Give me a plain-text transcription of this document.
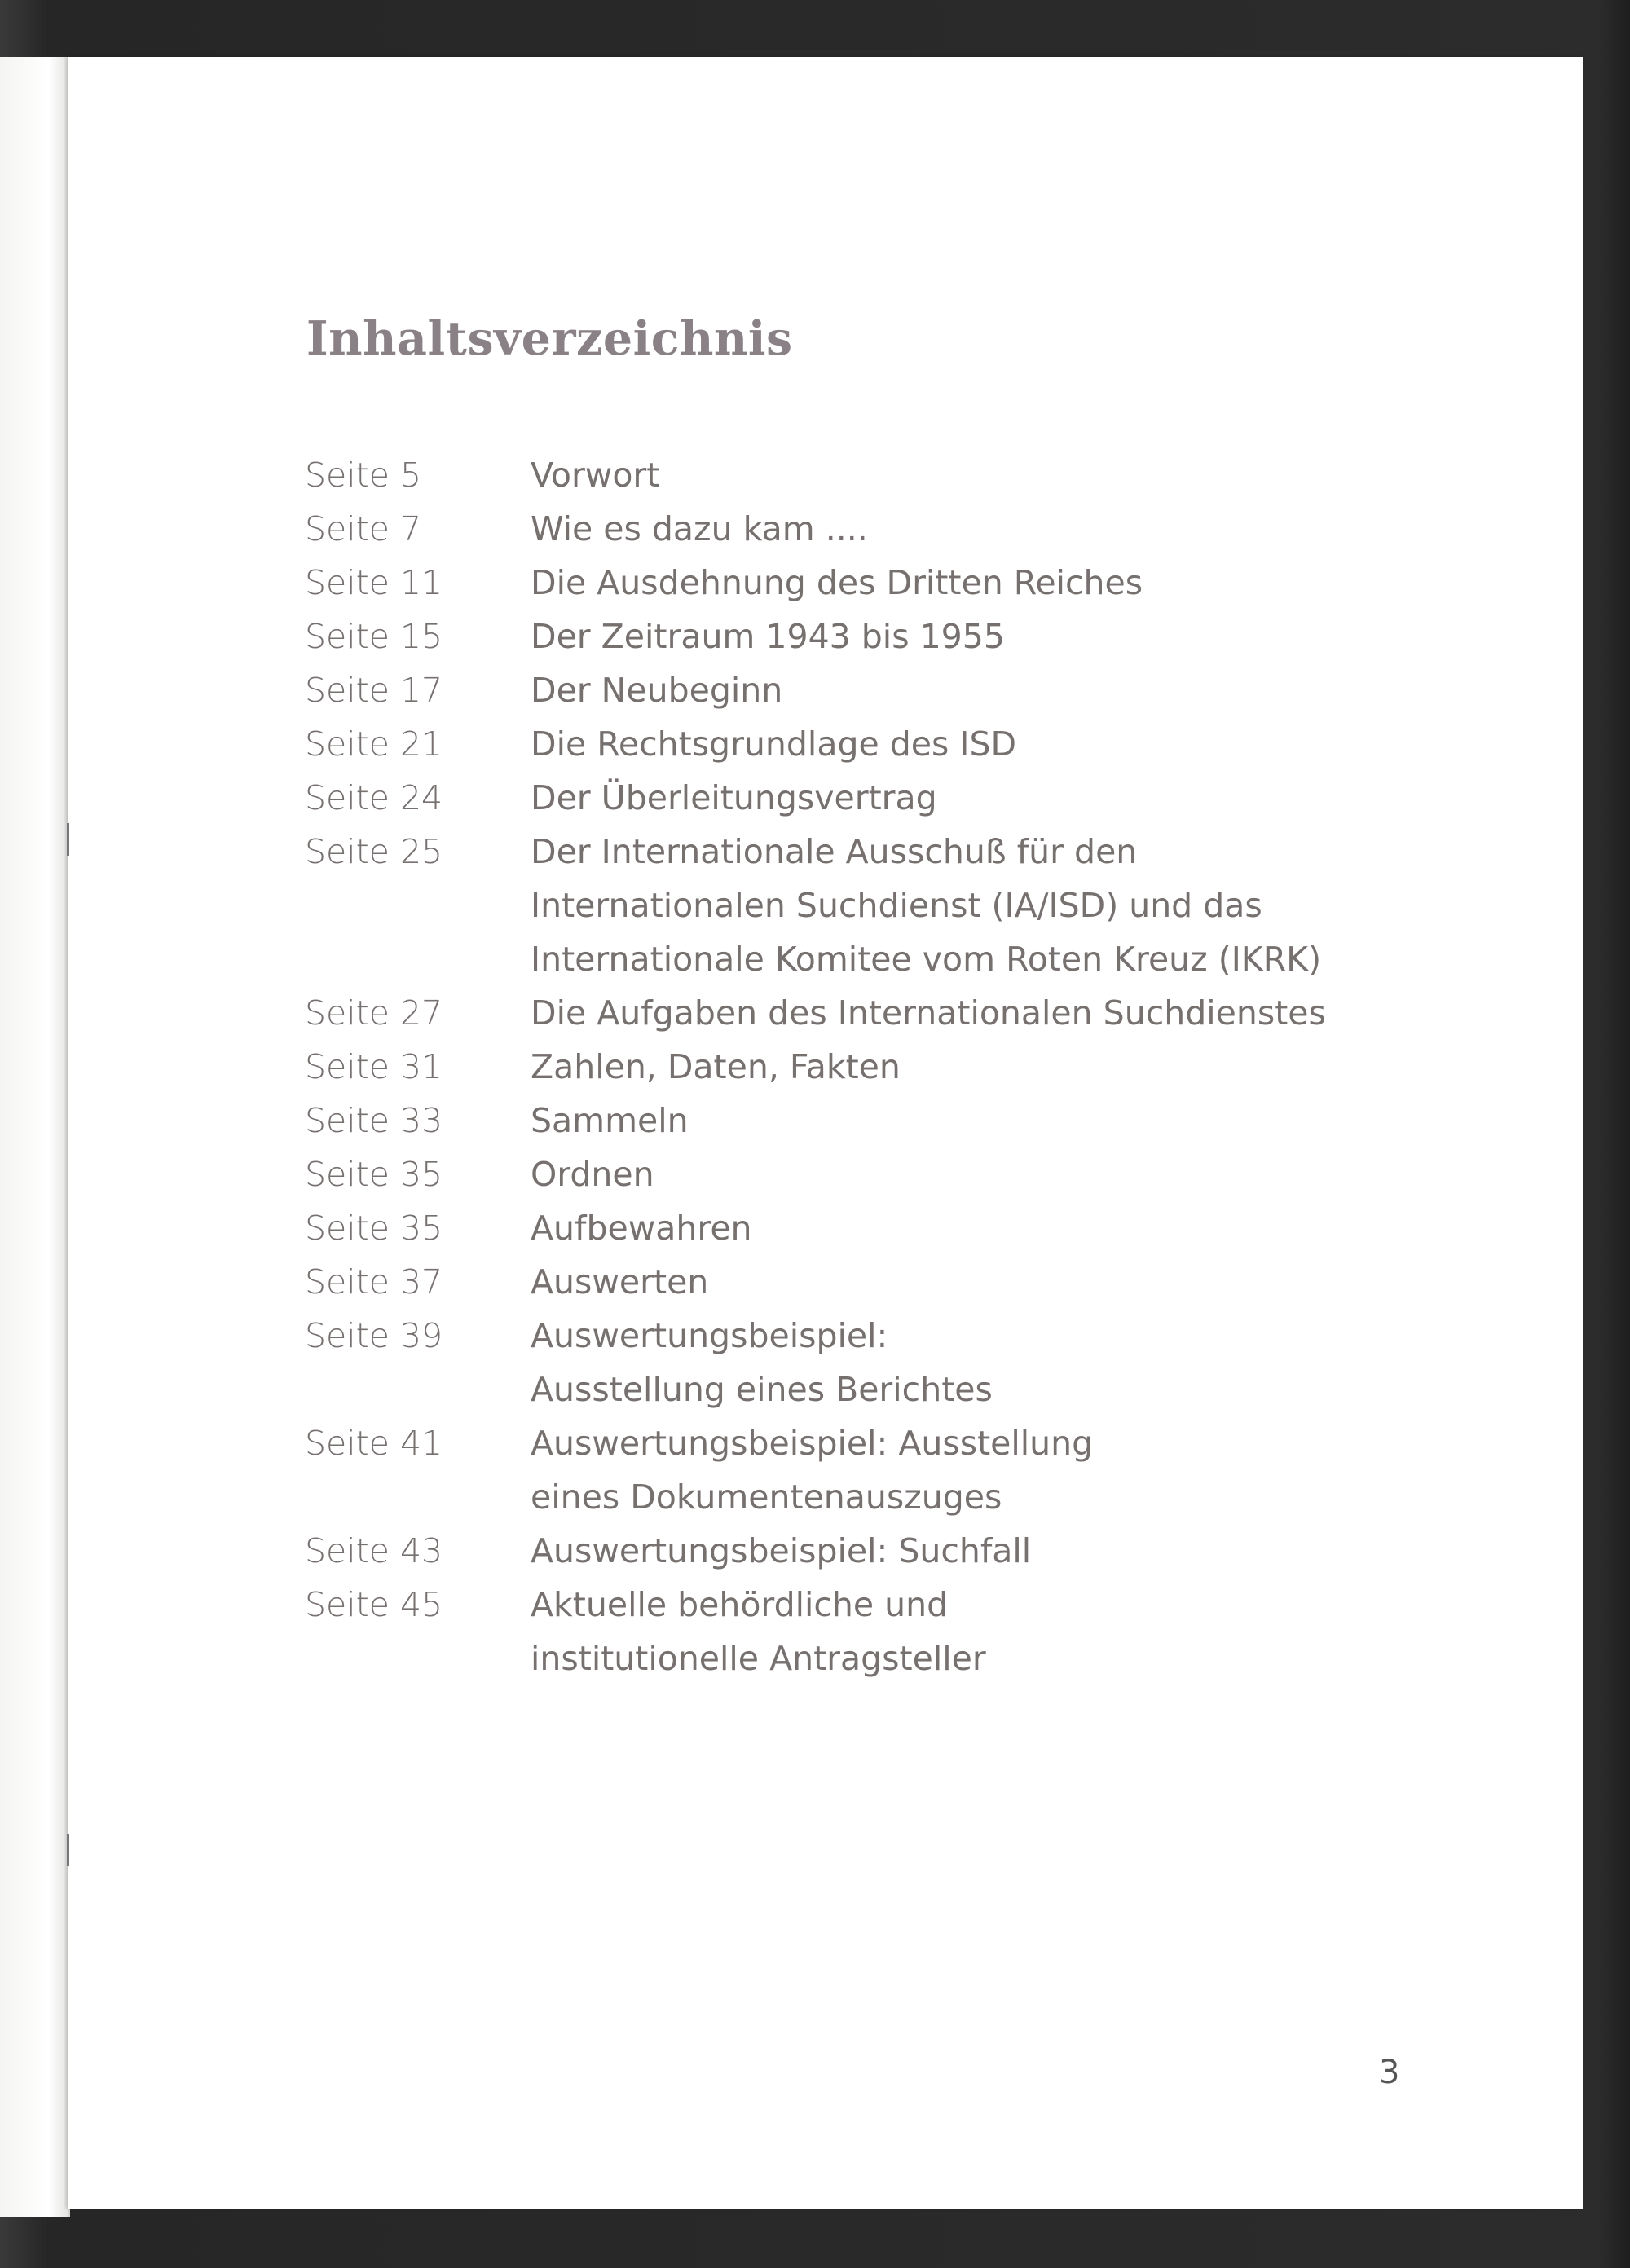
Inhaltsverzeichnis
Seite 5	Vorwort
Seite 7	Wie es dazu kam ....
Seite 11	Die Ausdehnung des Dritten Reiches
Seite 15	Der Zeitraum 1943 bis 1955
Seite 17	Der Neubeginn
Seite 21	Die Rechtsgrundlage des ISD
Seite 24	Der Überleitungsvertrag
Seite 25	Der Internationale Ausschuß für den
Internationalen Suchdienst (IA/ISD) und das
Internationale Komitee vom Roten Kreuz (IKRK)
Seite 27	Die Aufgaben des Internationalen Suchdienstes
Seite 31	Zahlen, Daten, Fakten
Seite 33	Sammeln
Seite 35	Ordnen
Seite 35	Aufbewahren
Seite 37	Auswerten
Seite 39	Auswertungsbeispiel:
Ausstellung eines Berichtes
Seite 41	Auswertungsbeispiel: Ausstellung
eines Dokumentenauszuges
Seite 43	Auswertungsbeispiel: Suchfall
Seite 45	Aktuelle behördliche und
institutionelle Antragsteller
3
